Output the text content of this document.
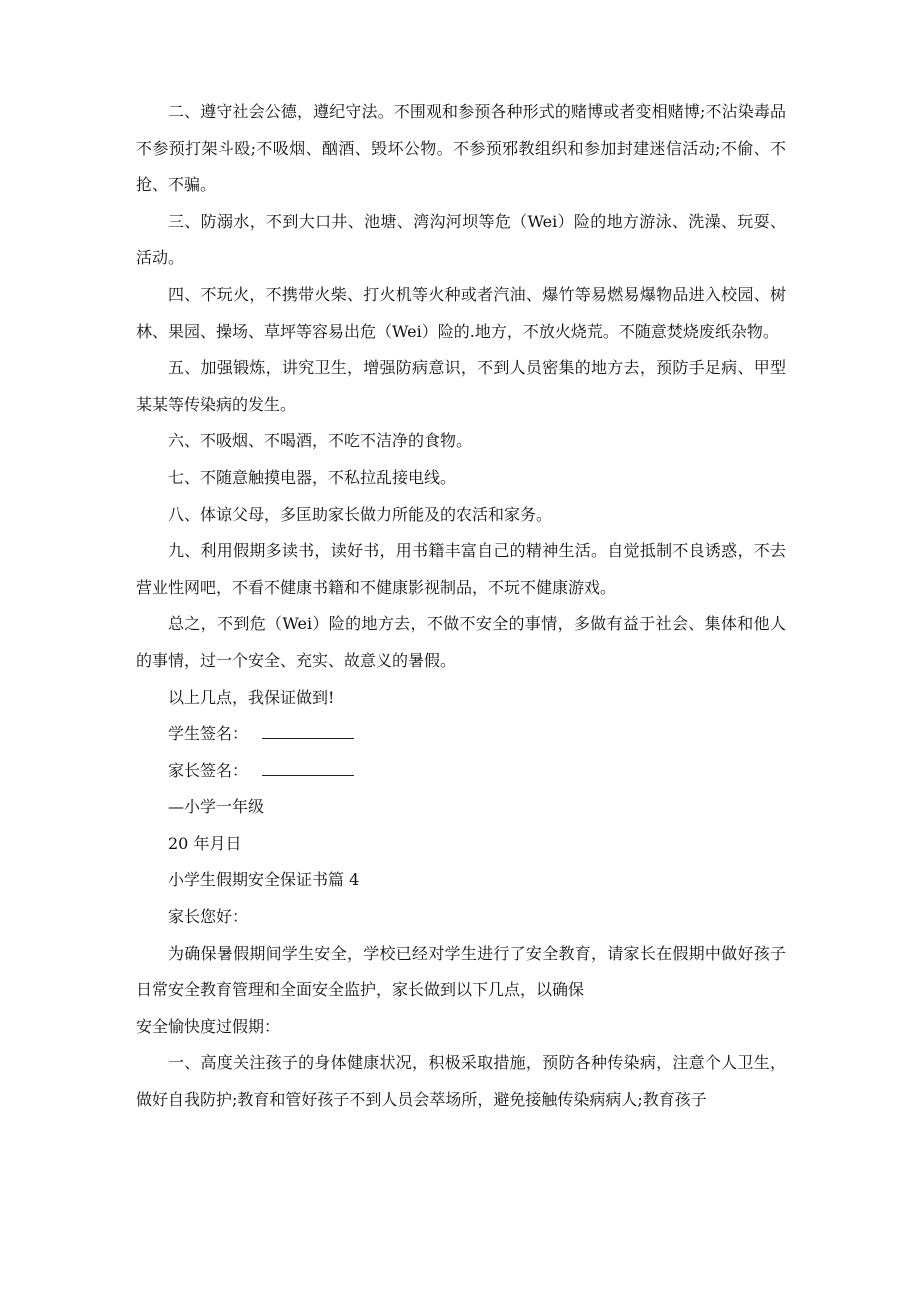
二、遵守社会公德，遵纪守法。不围观和参预各种形式的赌博或者变相赌博;不沾染毒品 不参预打架斗殴;不吸烟、酗酒、毁坏公物。不参预邪教组织和参加封建迷信活动;不偷、不抢、不骗。

三、防溺水，不到大口井、池塘、湾沟河坝等危（Wei）险的地方游泳、洗澡、玩耍、活动。

四、不玩火，不携带火柴、打火机等火种或者汽油、爆竹等易燃易爆物品进入校园、树林、果园、操场、草坪等容易出危（Wei）险的.地方，不放火烧荒。不随意焚烧废纸杂物。

五、加强锻炼，讲究卫生，增强防病意识，不到人员密集的地方去，预防手足病、甲型某某等传染病的发生。

六、不吸烟、不喝酒，不吃不洁净的食物。

七、不随意触摸电器，不私拉乱接电线。

八、体谅父母，多匡助家长做力所能及的农活和家务。

九、利用假期多读书，读好书，用书籍丰富自己的精神生活。自觉抵制不良诱惑，不去营业性网吧，不看不健康书籍和不健康影视制品，不玩不健康游戏。

总之，不到危（Wei）险的地方去，不做不安全的事情，多做有益于社会、集体和他人的事情，过一个安全、充实、故意义的暑假。

以上几点，我保证做到!

学生签名：

家长签名：

—小学一年级

20 年月日

小学生假期安全保证书篇 4

家长您好：

为确保暑假期间学生安全，学校已经对学生进行了安全教育，请家长在假期中做好孩子日常安全教育管理和全面安全监护，家长做到以下几点，以确保

安全愉快度过假期：

一、高度关注孩子的身体健康状况，积极采取措施，预防各种传染病，注意个人卫生，做好自我防护;教育和管好孩子不到人员会萃场所，避免接触传染病病人;教育孩子
